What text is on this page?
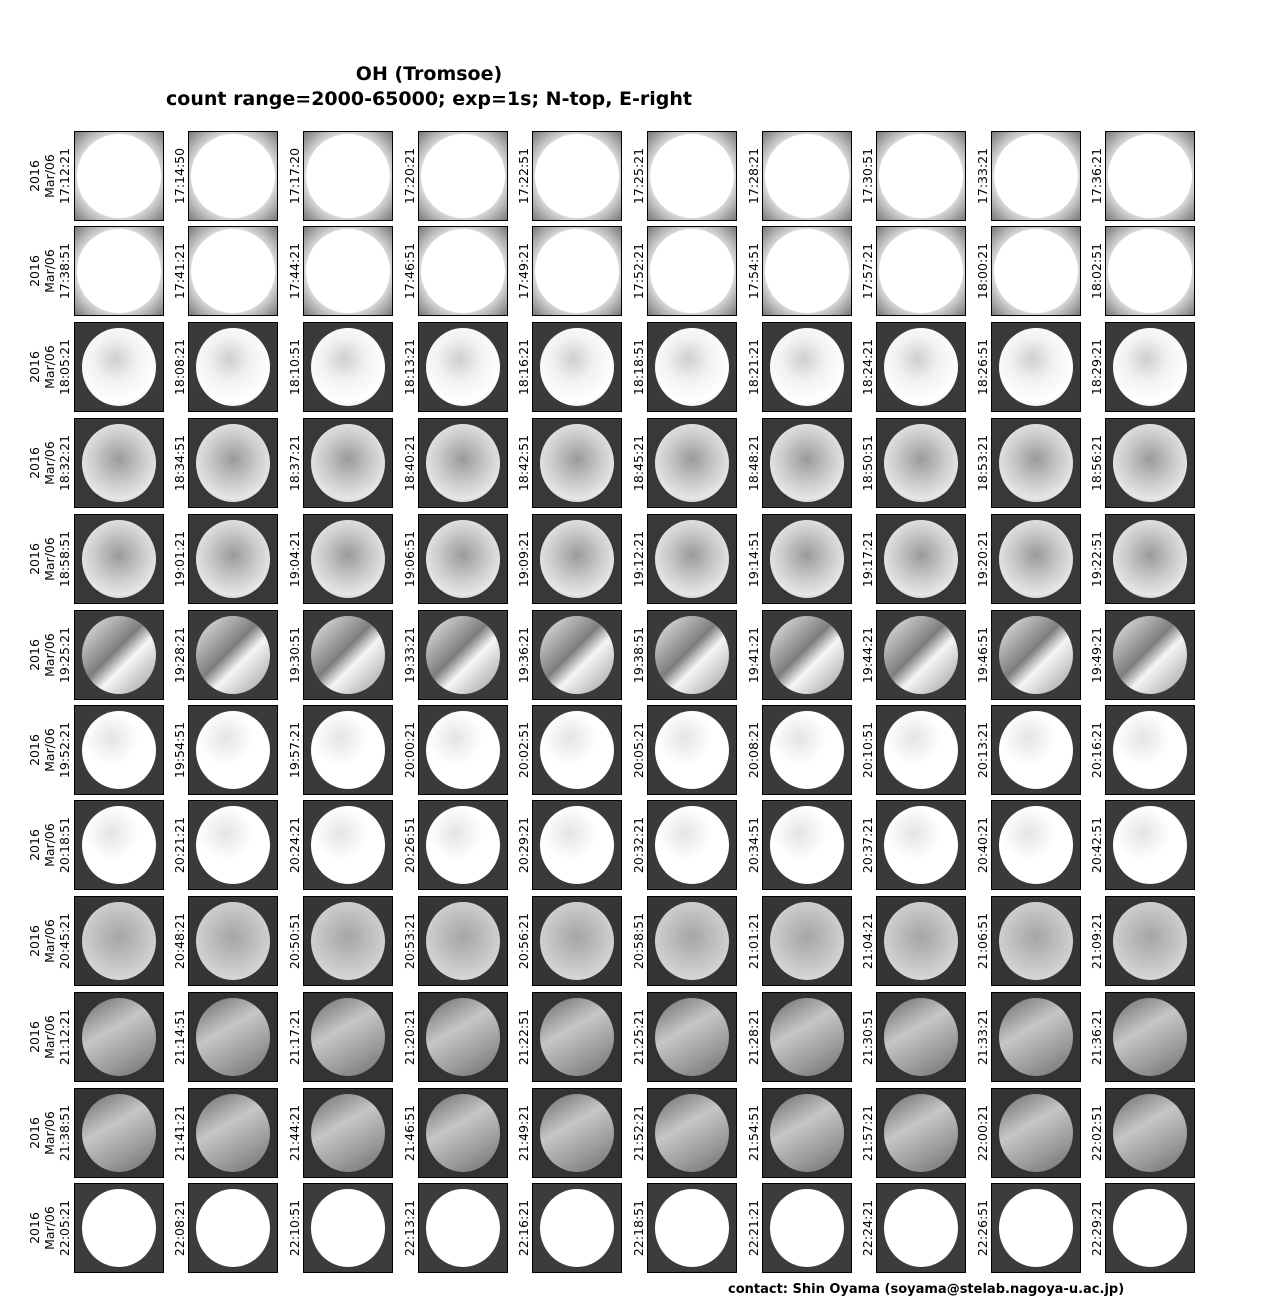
OH (Tromsoe)
count range=2000-65000; exp=1s; N-top, E-right
2016 Mar/06 17:12:21	17:14:50	17:17:20	17:20:21	17:22:51	17:25:21	17:28:21	17:30:51	17:33:21	17:36:21
2016 Mar/06 17:38:51	17:41:21	17:44:21	17:46:51	17:49:21	17:52:21	17:54:51	17:57:21	18:00:21	18:02:51
2016 Mar/06 18:05:21	18:08:21	18:10:51	18:13:21	18:16:21	18:18:51	18:21:21	18:24:21	18:26:51	18:29:21
2016 Mar/06 18:32:21	18:34:51	18:37:21	18:40:21	18:42:51	18:45:21	18:48:21	18:50:51	18:53:21	18:56:21
2016 Mar/06 18:58:51	19:01:21	19:04:21	19:06:51	19:09:21	19:12:21	19:14:51	19:17:21	19:20:21	19:22:51
2016 Mar/06 19:25:21	19:28:21	19:30:51	19:33:21	19:36:21	19:38:51	19:41:21	19:44:21	19:46:51	19:49:21
2016 Mar/06 19:52:21	19:54:51	19:57:21	20:00:21	20:02:51	20:05:21	20:08:21	20:10:51	20:13:21	20:16:21
2016 Mar/06 20:18:51	20:21:21	20:24:21	20:26:51	20:29:21	20:32:21	20:34:51	20:37:21	20:40:21	20:42:51
2016 Mar/06 20:45:21	20:48:21	20:50:51	20:53:21	20:56:21	20:58:51	21:01:21	21:04:21	21:06:51	21:09:21
2016 Mar/06 21:12:21	21:14:51	21:17:21	21:20:21	21:22:51	21:25:21	21:28:21	21:30:51	21:33:21	21:36:21
2016 Mar/06 21:38:51	21:41:21	21:44:21	21:46:51	21:49:21	21:52:21	21:54:51	21:57:21	22:00:21	22:02:51
2016 Mar/06 22:05:21	22:08:21	22:10:51	22:13:21	22:16:21	22:18:51	22:21:21	22:24:21	22:26:51	22:29:21
contact: Shin Oyama (soyama@stelab.nagoya-u.ac.jp)
